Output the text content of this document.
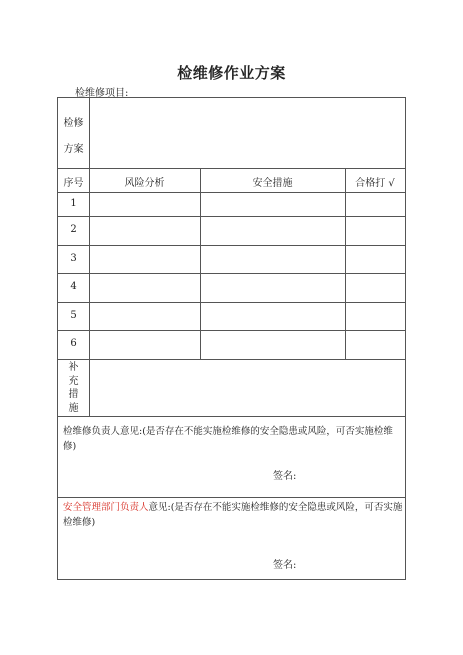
检维修作业方案
检维修项目:
检修
方案
序号	风险分析	安全措施	合格打 √
1
2
3
4
5
6
补
充
措
施
检维修负责人意见:(是否存在不能实施检维修的安全隐患或风险，可否实施检维修)
签名:
安全管理部门负责人意见:(是否存在不能实施检维修的安全隐患或风险，可否实施
检维修)
签名:
